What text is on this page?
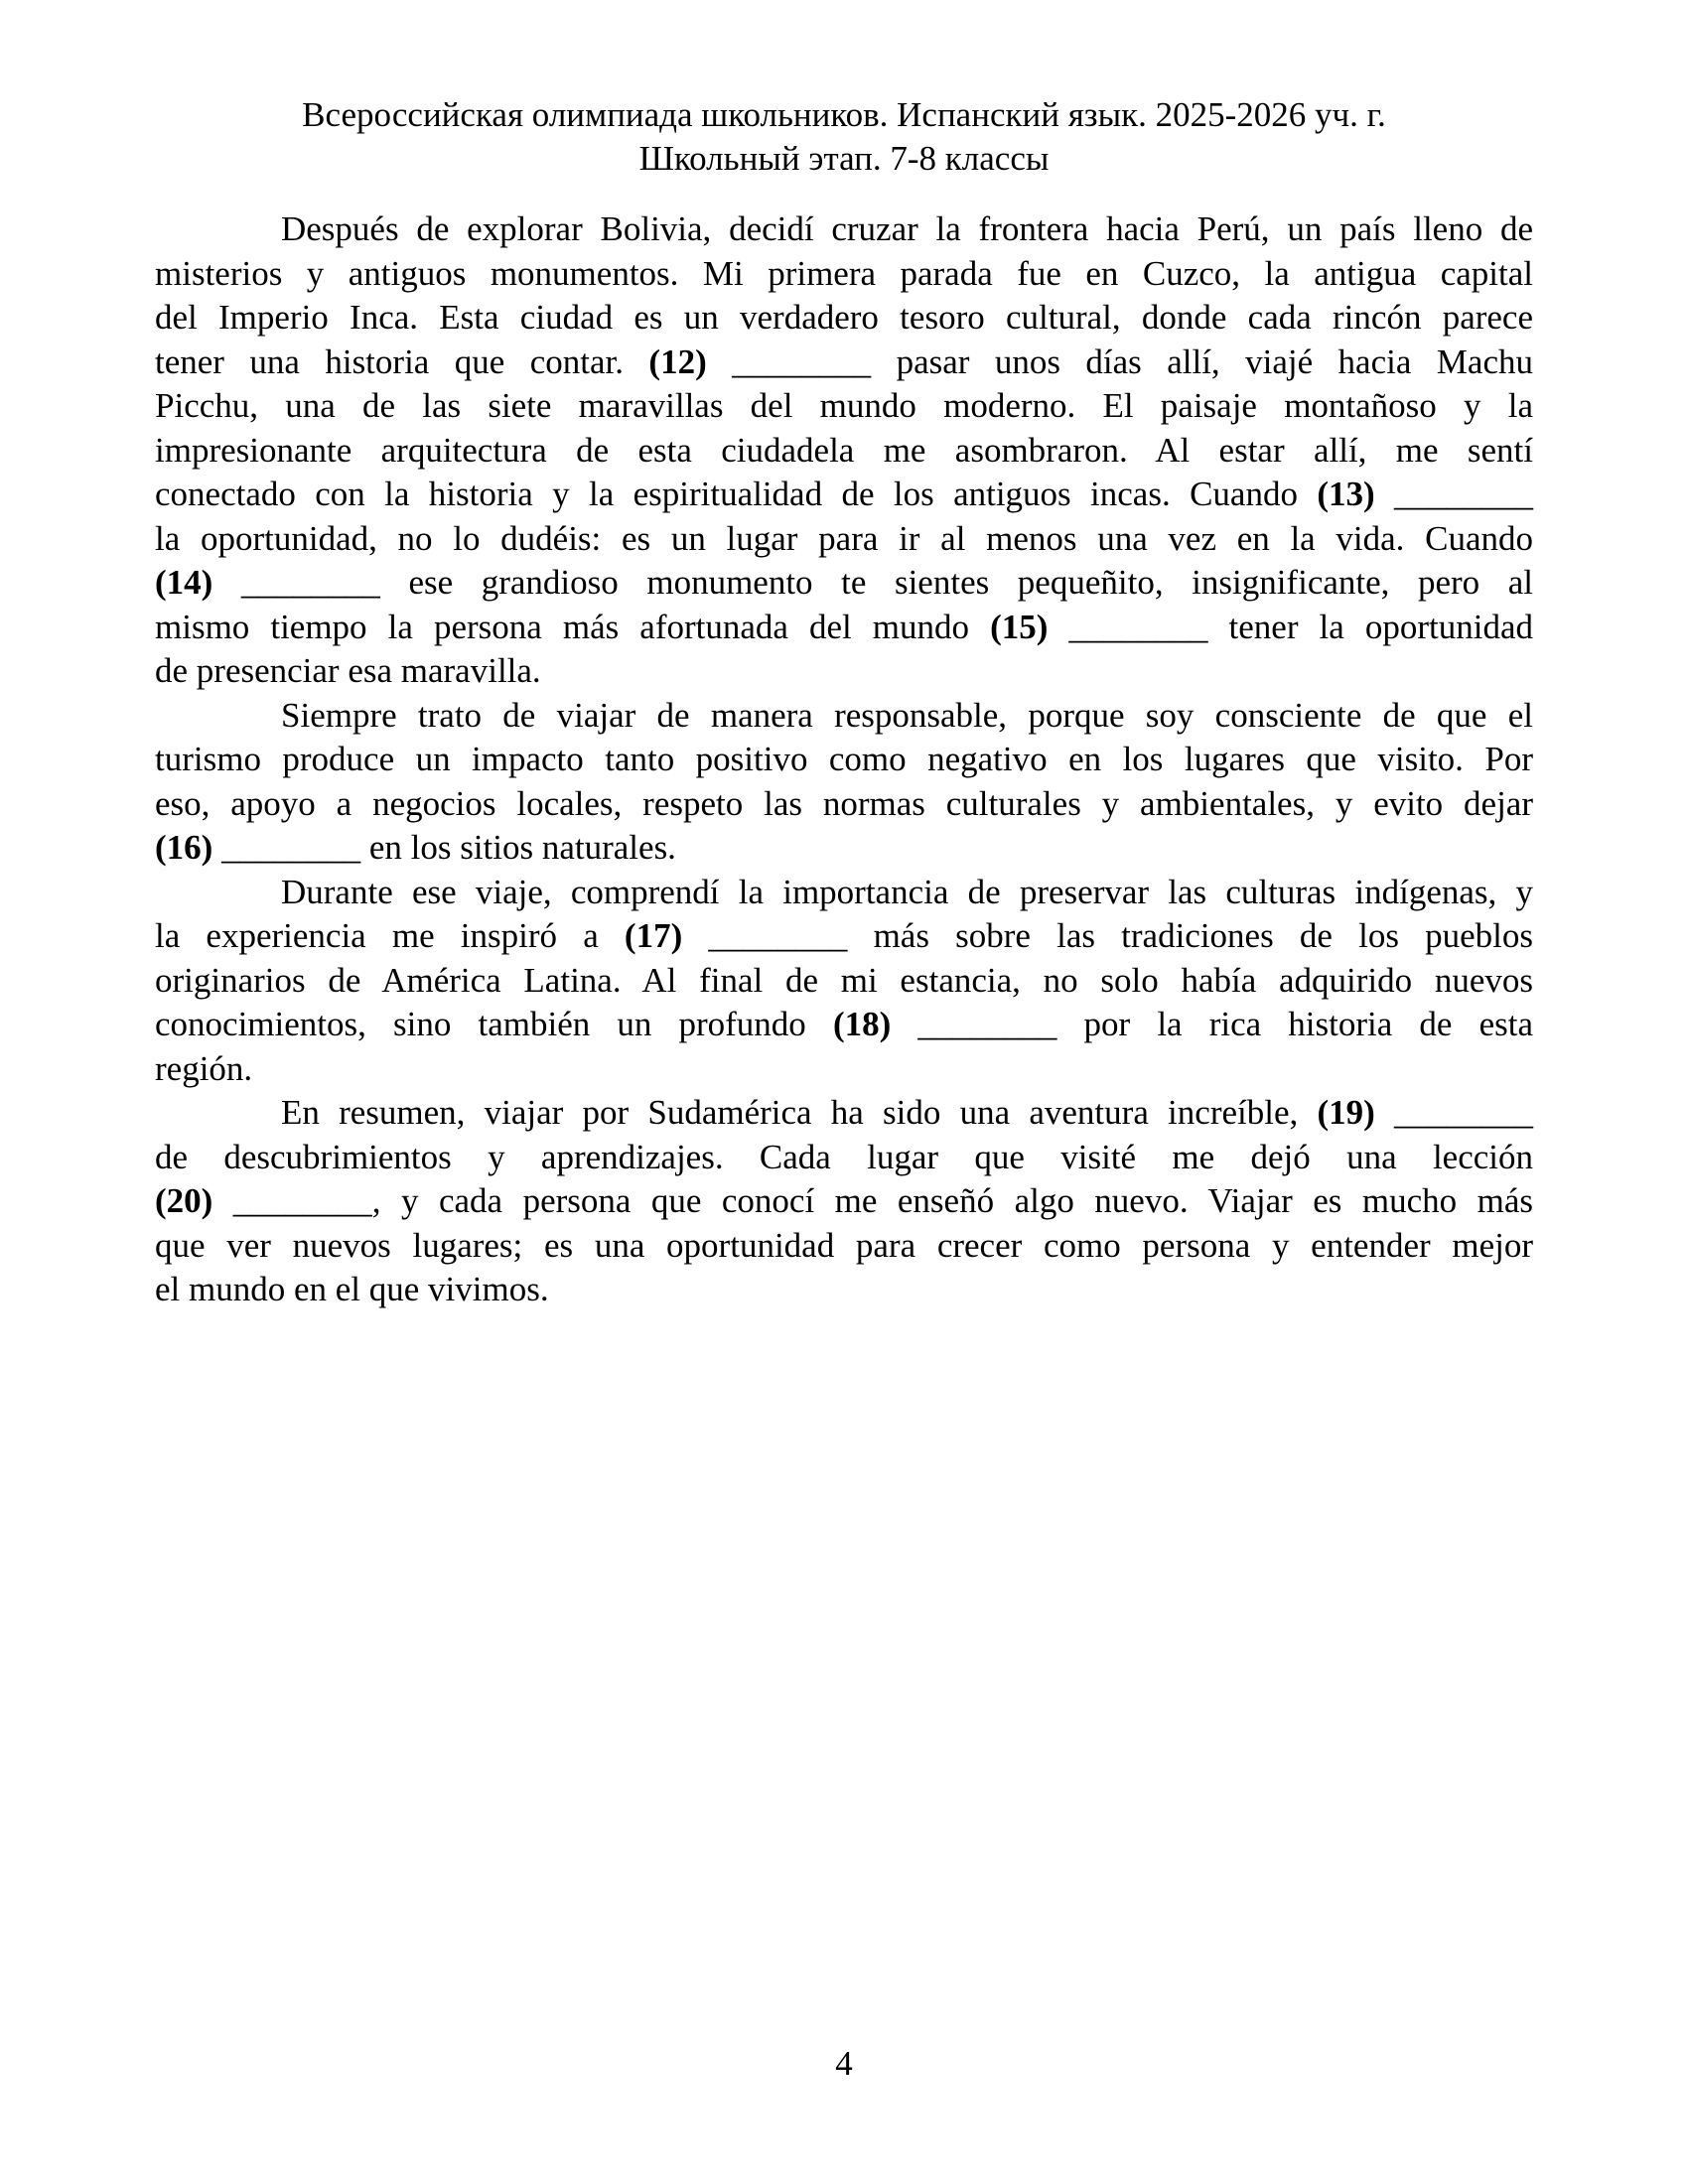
Всероссийская олимпиада школьников. Испанский язык. 2025-2026 уч. г.
Школьный этап. 7-8 классы
Después de explorar Bolivia, decidí cruzar la frontera hacia Perú, un país lleno de
misterios y antiguos monumentos. Mi primera parada fue en Cuzco, la antigua capital
del Imperio Inca. Esta ciudad es un verdadero tesoro cultural, donde cada rincón parece
tener una historia que contar. (12) ________ pasar unos días allí, viajé hacia Machu
Picchu, una de las siete maravillas del mundo moderno. El paisaje montañoso y la
impresionante arquitectura de esta ciudadela me asombraron. Al estar allí, me sentí
conectado con la historia y la espiritualidad de los antiguos incas. Cuando (13) ________
la oportunidad, no lo dudéis: es un lugar para ir al menos una vez en la vida. Cuando
(14) ________ ese grandioso monumento te sientes pequeñito, insignificante, pero al
mismo tiempo la persona más afortunada del mundo (15) ________ tener la oportunidad
de presenciar esa maravilla.
Siempre trato de viajar de manera responsable, porque soy consciente de que el
turismo produce un impacto tanto positivo como negativo en los lugares que visito. Por
eso, apoyo a negocios locales, respeto las normas culturales y ambientales, y evito dejar
(16) ________ en los sitios naturales.
Durante ese viaje, comprendí la importancia de preservar las culturas indígenas, y
la experiencia me inspiró a (17) ________ más sobre las tradiciones de los pueblos
originarios de América Latina. Al final de mi estancia, no solo había adquirido nuevos
conocimientos, sino también un profundo (18) ________ por la rica historia de esta
región.
En resumen, viajar por Sudamérica ha sido una aventura increíble, (19) ________
de descubrimientos y aprendizajes. Cada lugar que visité me dejó una lección
(20) ________, y cada persona que conocí me enseñó algo nuevo. Viajar es mucho más
que ver nuevos lugares; es una oportunidad para crecer como persona y entender mejor
el mundo en el que vivimos.
4
